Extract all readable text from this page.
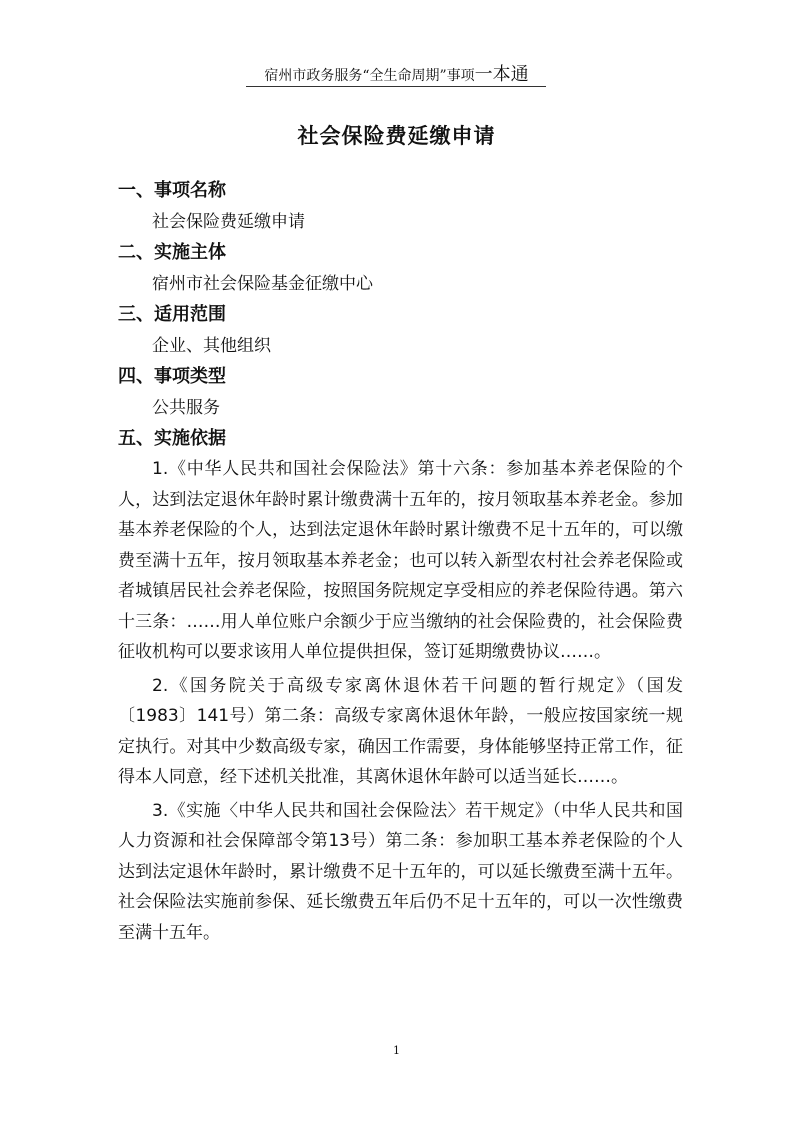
宿州市政务服务“全生命周期”事项一本通
社会保险费延缴申请
一、事项名称
社会保险费延缴申请
二、实施主体
宿州市社会保险基金征缴中心
三、适用范围
企业、其他组织
四、事项类型
公共服务
五、实施依据

1.《中华人民共和国社会保险法》第十六条：参加基本养老保险的个人，达到法定退休年龄时累计缴费满十五年的，按月领取基本养老金。参加基本养老保险的个人，达到法定退休年龄时累计缴费不足十五年的，可以缴费至满十五年，按月领取基本养老金；也可以转入新型农村社会养老保险或者城镇居民社会养老保险，按照国务院规定享受相应的养老保险待遇。第六十三条：……用人单位账户余额少于应当缴纳的社会保险费的，社会保险费征收机构可以要求该用人单位提供担保，签订延期缴费协议……。

2.《国务院关于高级专家离休退休若干问题的暂行规定》（国发〔1983〕141号）第二条：高级专家离休退休年龄，一般应按国家统一规定执行。对其中少数高级专家，确因工作需要，身体能够坚持正常工作，征得本人同意，经下述机关批准，其离休退休年龄可以适当延长……。

3.《实施〈中华人民共和国社会保险法〉若干规定》（中华人民共和国人力资源和社会保障部令第13号）第二条：参加职工基本养老保险的个人达到法定退休年龄时，累计缴费不足十五年的，可以延长缴费至满十五年。社会保险法实施前参保、延长缴费五年后仍不足十五年的，可以一次性缴费至满十五年。

1
